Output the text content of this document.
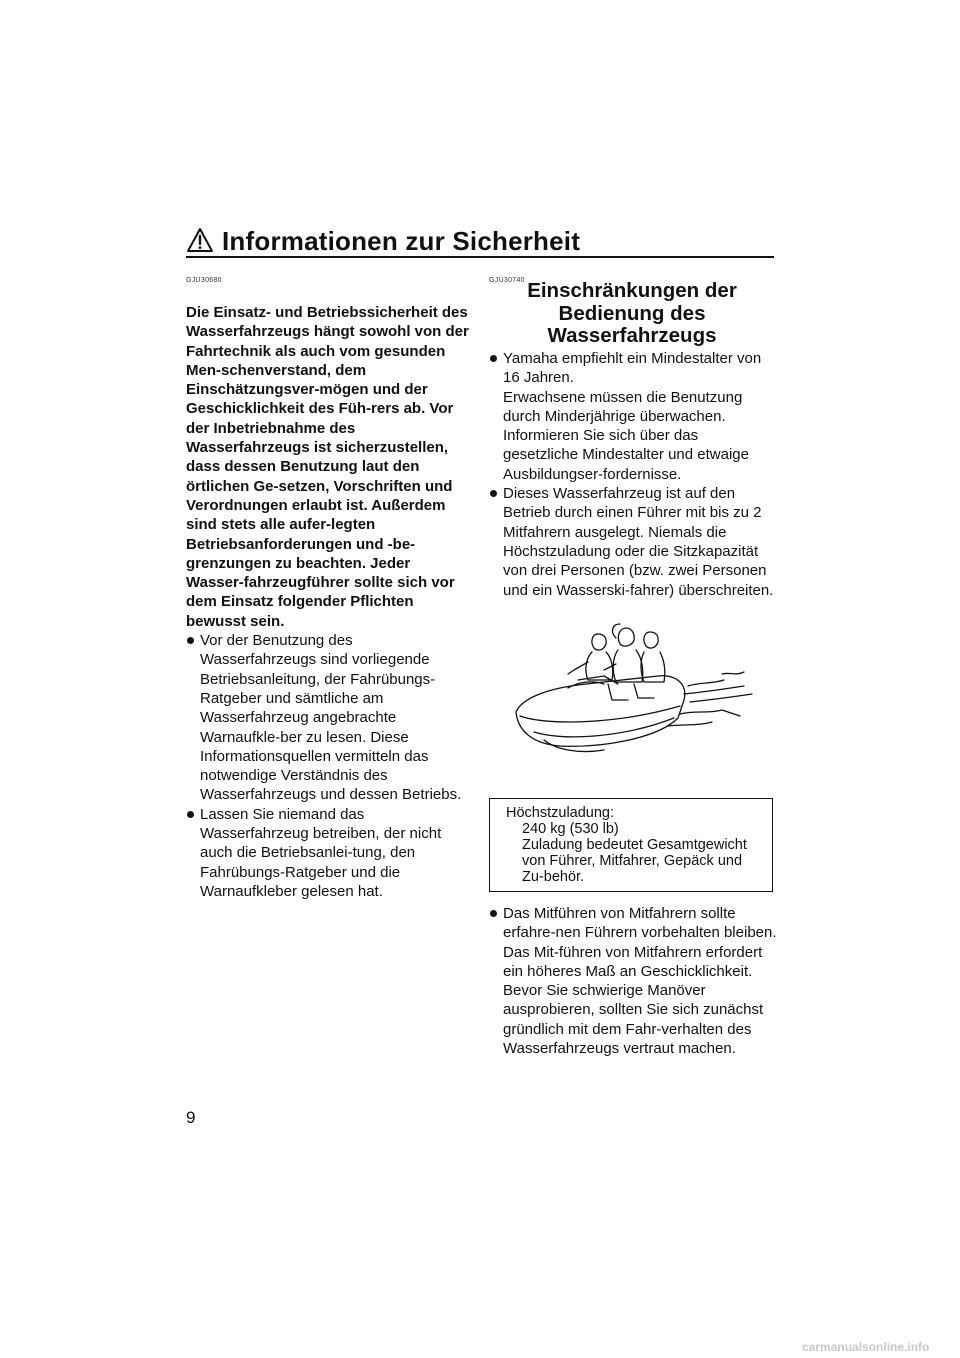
Informationen zur Sicherheit
GJU30680
Die Einsatz- und Betriebssicherheit des Wasserfahrzeugs hängt sowohl von der Fahrtechnik als auch vom gesunden Men-schenverstand, dem Einschätzungsver-mögen und der Geschicklichkeit des Füh-rers ab. Vor der Inbetriebnahme des Wasserfahrzeugs ist sicherzustellen, dass dessen Benutzung laut den örtlichen Ge-setzen, Vorschriften und Verordnungen erlaubt ist. Außerdem sind stets alle aufer-legten Betriebsanforderungen und -be-grenzungen zu beachten. Jeder Wasser-fahrzeugführer sollte sich vor dem Einsatz folgender Pflichten bewusst sein.
Vor der Benutzung des Wasserfahrzeugs sind vorliegende Betriebsanleitung, der Fahrübungs-Ratgeber und sämtliche am Wasserfahrzeug angebrachte Warnaufkle-ber zu lesen. Diese Informationsquellen vermitteln das notwendige Verständnis des Wasserfahrzeugs und dessen Betriebs.
Lassen Sie niemand das Wasserfahrzeug betreiben, der nicht auch die Betriebsanlei-tung, den Fahrübungs-Ratgeber und die Warnaufkleber gelesen hat.
GJU30740 Einschränkungen der Bedienung des Wasserfahrzeugs
Yamaha empfiehlt ein Mindestalter von 16 Jahren.
Erwachsene müssen die Benutzung durch Minderjährige überwachen.
Informieren Sie sich über das gesetzliche Mindestalter und etwaige Ausbildungser-fordernisse.
Dieses Wasserfahrzeug ist auf den Betrieb durch einen Führer mit bis zu 2 Mitfahrern ausgelegt. Niemals die Höchstzuladung oder die Sitzkapazität von drei Personen (bzw. zwei Personen und ein Wasserski-fahrer) überschreiten.
Höchstzuladung:
240 kg (530 lb)
Zuladung bedeutet Gesamtgewicht von Führer, Mitfahrer, Gepäck und Zu-behör.
Das Mitführen von Mitfahrern sollte erfahre-nen Führern vorbehalten bleiben. Das Mit-führen von Mitfahrern erfordert ein höheres Maß an Geschicklichkeit. Bevor Sie schwierige Manöver ausprobieren, sollten Sie sich zunächst gründlich mit dem Fahr-verhalten des Wasserfahrzeugs vertraut machen.
9
carmanualsonline.info
